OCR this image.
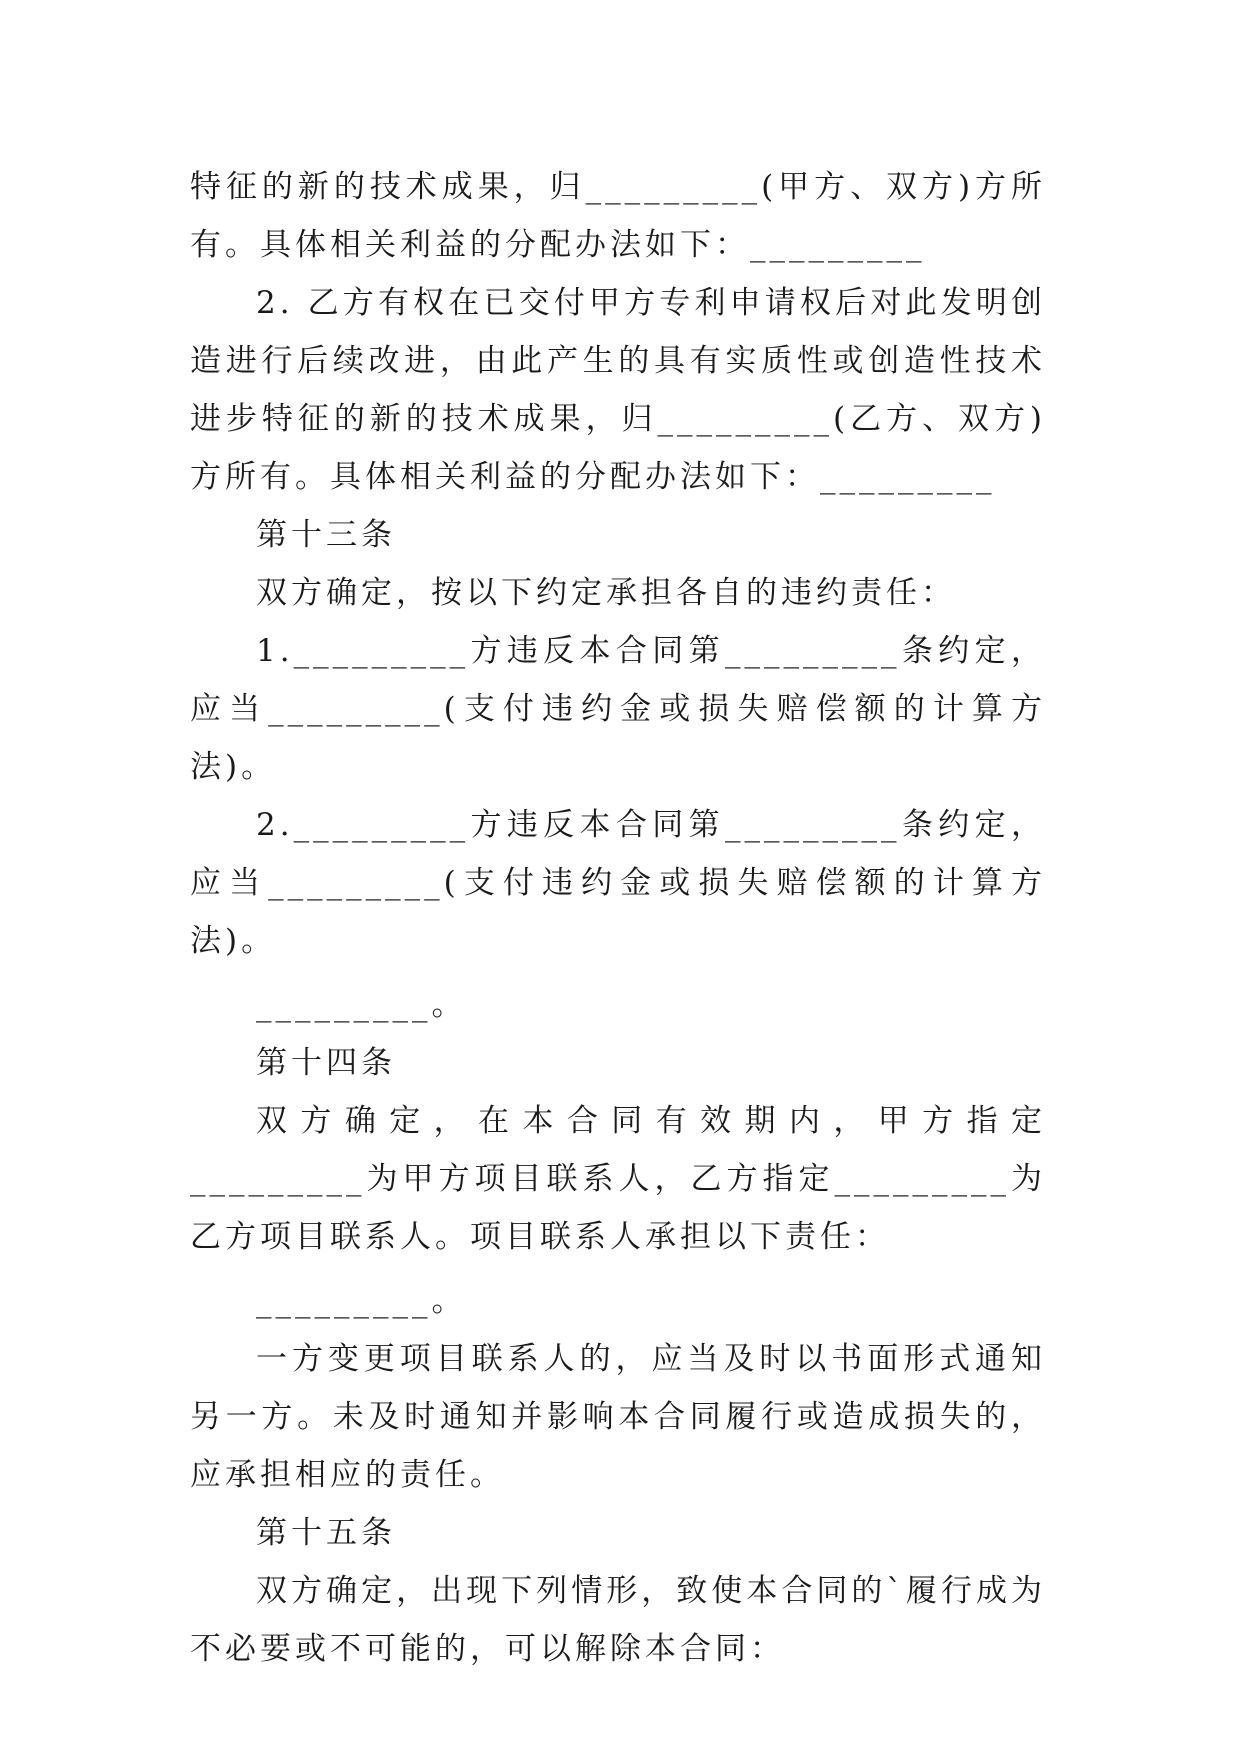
特征的新的技术成果，归_________(甲方、双方)方所有。具体相关利益的分配办法如下：_________

2. 乙方有权在已交付甲方专利申请权后对此发明创造进行后续改进，由此产生的具有实质性或创造性技术进步特征的新的技术成果，归_________(乙方、双方)方所有。具体相关利益的分配办法如下：_________

第十三条

双方确定，按以下约定承担各自的违约责任：

1._________方违反本合同第_________条约定，应当_________(支付违约金或损失赔偿额的计算方法)。

2._________方违反本合同第_________条约定，应当_________(支付违约金或损失赔偿额的计算方法)。

_________。

第十四条

双方确定，在本合同有效期内，甲方指定_________为甲方项目联系人，乙方指定_________为乙方项目联系人。项目联系人承担以下责任：

_________。

一方变更项目联系人的，应当及时以书面形式通知另一方。未及时通知并影响本合同履行或造成损失的，应承担相应的责任。

第十五条

双方确定，出现下列情形，致使本合同的`履行成为不必要或不可能的，可以解除本合同：
